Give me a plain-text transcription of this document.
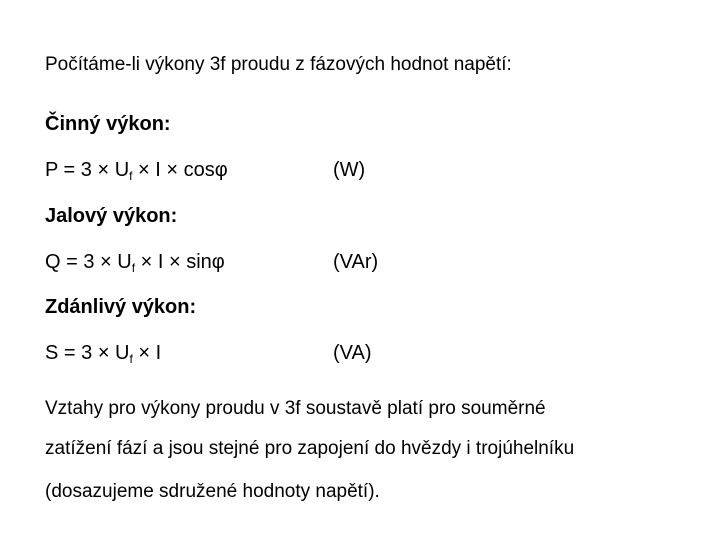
Počítáme-li výkony 3f proudu z fázových hodnot napětí:
Činný výkon:
$P = 3 \times U_f \times I \times \cos\varphi$	(W)
Jalový výkon:
$Q = 3 \times U_f \times I \times \sin\varphi$	(VAr)
Zdánlivý výkon:
$S = 3 \times U_f \times I$	(VA)
Vztahy pro výkony proudu v 3f soustavě platí pro souměrné
zatížení fází a jsou stejné pro zapojení do hvězdy i trojúhelníku
(dosazujeme sdružené hodnoty napětí).
